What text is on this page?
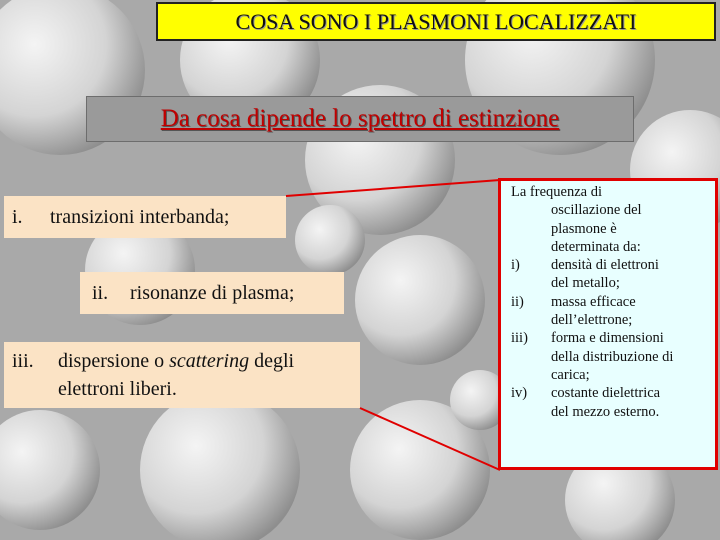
COSA SONO I PLASMONI LOCALIZZATI
Da cosa dipende lo spettro di estinzione
i.	transizioni interbanda;
ii.	risonanze di plasma;
iii. dispersione o scattering degli
elettroni liberi.
La frequenza di
oscillazione del
plasmone è
determinata da:
i)	densità di elettroni
del metallo;
ii)	massa efficace
dell’elettrone;
iii)	forma e dimensioni
della distribuzione di
carica;
iv)	costante dielettrica
del mezzo esterno.
